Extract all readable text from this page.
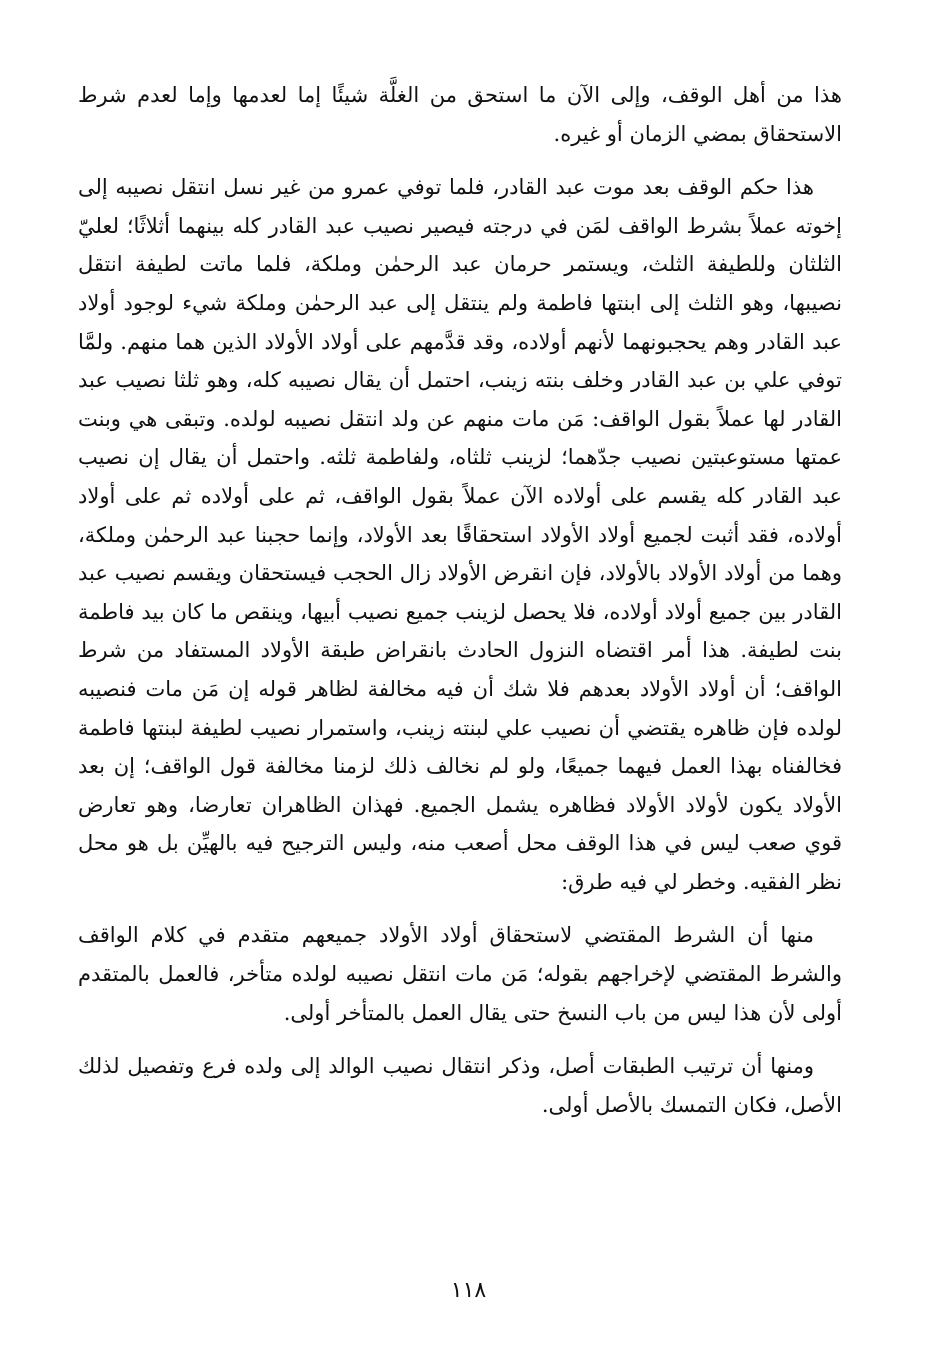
هذا من أهل الوقف، وإلى الآن ما استحق من الغلَّة شيئًا إما لعدمها وإما لعدم شرط الاستحقاق بمضي الزمان أو غيره.

هذا حكم الوقف بعد موت عبد القادر، فلما توفي عمرو من غير نسل انتقل نصيبه إلى إخوته عملاً بشرط الواقف لمَن في درجته فيصير نصيب عبد القادر كله بينهما أثلاثًا؛ لعليّ الثلثان وللطيفة الثلث، ويستمر حرمان عبد الرحمٰن وملكة، فلما ماتت لطيفة انتقل نصيبها، وهو الثلث إلى ابنتها فاطمة ولم ينتقل إلى عبد الرحمٰن وملكة شيء لوجود أولاد عبد القادر وهم يحجبونهما لأنهم أولاده، وقد قدَّمهم على أولاد الأولاد الذين هما منهم. ولمَّا توفي علي بن عبد القادر وخلف بنته زينب، احتمل أن يقال نصيبه كله، وهو ثلثا نصيب عبد القادر لها عملاً بقول الواقف: مَن مات منهم عن ولد انتقل نصيبه لولده. وتبقى هي وبنت عمتها مستوعبتين نصيب جدّهما؛ لزينب ثلثاه، ولفاطمة ثلثه. واحتمل أن يقال إن نصيب عبد القادر كله يقسم على أولاده الآن عملاً بقول الواقف، ثم على أولاده ثم على أولاد أولاده، فقد أثبت لجميع أولاد الأولاد استحقاقًا بعد الأولاد، وإنما حجبنا عبد الرحمٰن وملكة، وهما من أولاد الأولاد بالأولاد، فإن انقرض الأولاد زال الحجب فيستحقان ويقسم نصيب عبد القادر بين جميع أولاد أولاده، فلا يحصل لزينب جميع نصيب أبيها، وينقص ما كان بيد فاطمة بنت لطيفة. هذا أمر اقتضاه النزول الحادث بانقراض طبقة الأولاد المستفاد من شرط الواقف؛ أن أولاد الأولاد بعدهم فلا شك أن فيه مخالفة لظاهر قوله إن مَن مات فنصيبه لولده فإن ظاهره يقتضي أن نصيب علي لبنته زينب، واستمرار نصيب لطيفة لبنتها فاطمة فخالفناه بهذا العمل فيهما جميعًا، ولو لم نخالف ذلك لزمنا مخالفة قول الواقف؛ إن بعد الأولاد يكون لأولاد الأولاد فظاهره يشمل الجميع. فهذان الظاهران تعارضا، وهو تعارض قوي صعب ليس في هذا الوقف محل أصعب منه، وليس الترجيح فيه بالهيِّن بل هو محل نظر الفقيه. وخطر لي فيه طرق:

منها أن الشرط المقتضي لاستحقاق أولاد الأولاد جميعهم متقدم في كلام الواقف والشرط المقتضي لإخراجهم بقوله؛ مَن مات انتقل نصيبه لولده متأخر، فالعمل بالمتقدم أولى لأن هذا ليس من باب النسخ حتى يقال العمل بالمتأخر أولى.

ومنها أن ترتيب الطبقات أصل، وذكر انتقال نصيب الوالد إلى ولده فرع وتفصيل لذلك الأصل، فكان التمسك بالأصل أولى.

١١٨
